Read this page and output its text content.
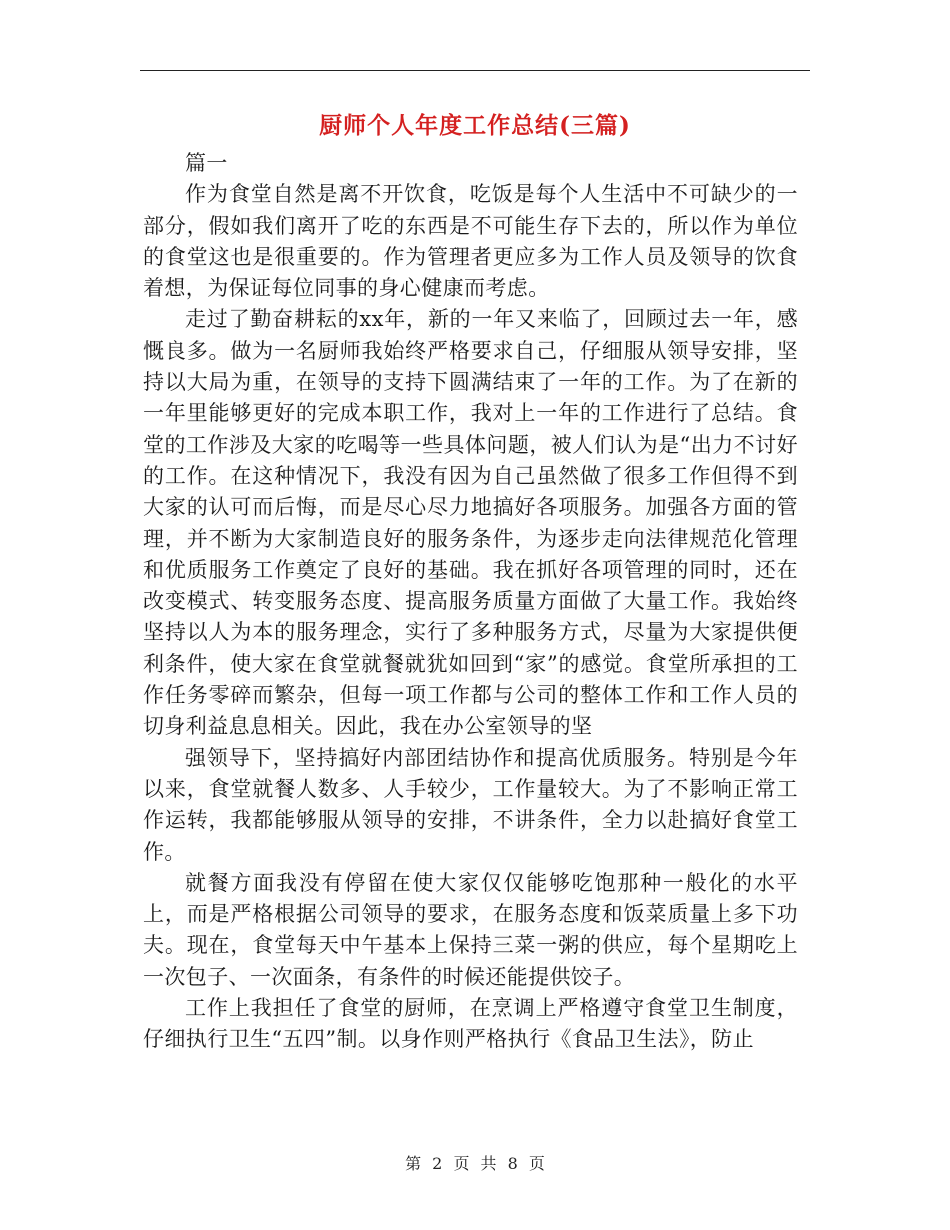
厨师个人年度工作总结(三篇)

篇一

作为食堂自然是离不开饮食，吃饭是每个人生活中不可缺少的一部分，假如我们离开了吃的东西是不可能生存下去的，所以作为单位的食堂这也是很重要的。作为管理者更应多为工作人员及领导的饮食着想，为保证每位同事的身心健康而考虑。

走过了勤奋耕耘的xx年，新的一年又来临了，回顾过去一年，感慨良多。做为一名厨师我始终严格要求自己，仔细服从领导安排，坚持以大局为重，在领导的支持下圆满结束了一年的工作。为了在新的一年里能够更好的完成本职工作，我对上一年的工作进行了总结。食堂的工作涉及大家的吃喝等一些具体问题，被人们认为是“出力不讨好的工作。在这种情况下，我没有因为自己虽然做了很多工作但得不到大家的认可而后悔，而是尽心尽力地搞好各项服务。加强各方面的管理，并不断为大家制造良好的服务条件，为逐步走向法律规范化管理和优质服务工作奠定了良好的基础。我在抓好各项管理的同时，还在改变模式、转变服务态度、提高服务质量方面做了大量工作。我始终坚持以人为本的服务理念，实行了多种服务方式，尽量为大家提供便利条件，使大家在食堂就餐就犹如回到“家”的感觉。食堂所承担的工作任务零碎而繁杂，但每一项工作都与公司的整体工作和工作人员的切身利益息息相关。因此，我在办公室领导的坚

强领导下，坚持搞好内部团结协作和提高优质服务。特别是今年以来，食堂就餐人数多、人手较少，工作量较大。为了不影响正常工作运转，我都能够服从领导的安排，不讲条件，全力以赴搞好食堂工作。

就餐方面我没有停留在使大家仅仅能够吃饱那种一般化的水平上，而是严格根据公司领导的要求，在服务态度和饭菜质量上多下功夫。现在，食堂每天中午基本上保持三菜一粥的供应，每个星期吃上一次包子、一次面条，有条件的时候还能提供饺子。

工作上我担任了食堂的厨师，在烹调上严格遵守食堂卫生制度，仔细执行卫生“五四”制。以身作则严格执行《食品卫生法》，防止

第 2 页 共 8 页
